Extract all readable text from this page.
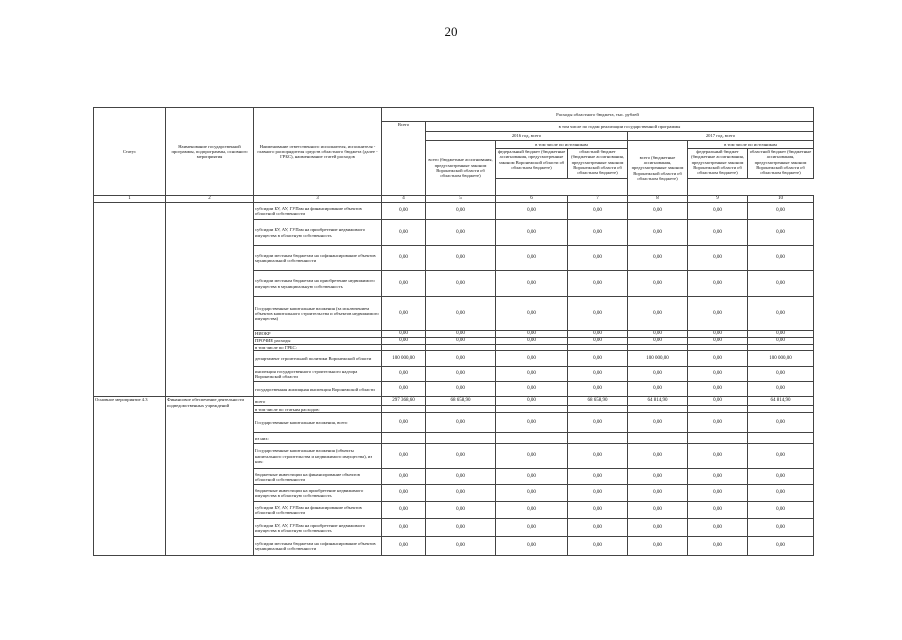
20
Статус	Наименование государственной программы, подпрограммы, основного мероприятия	Наименование ответственного исполнителя, исполнителя - главного распорядителя средств областного бюджета (далее - ГРБС), наименование статей расходов	Расходы областного бюджета, тыс. рублей						
			Всего	в том числе по годам реализации государственной программы					
				2016 год, всего			2017 год, всего		
				всего (бюджетные ассигнования, предусмотренные законом Воронежской области об областном бюджете)	в том числе по источникам		всего (бюджетные ассигнования, предусмотренные законом Воронежской области об областном бюджете)	в том числе по источникам	
					федеральный бюджет (бюджетные ассигнования, предусмотренные законом Воронежской области об областном бюджете)	областной бюджет (бюджетные ассигнования, предусмотренные законом Воронежской области об областном бюджете)		федеральный бюджет (бюджетные ассигнования, предусмотренные законом Воронежской области об областном бюджете)	областной бюджет (бюджетные ассигнования, предусмотренные законом Воронежской области об областном бюджете)

1	2	3	4	5	6	7	8	9	10
		субсидии БУ, АУ, ГУПам на финансирование объектов областной собственности	0,00	0,00	0,00	0,00	0,00	0,00	0,00
		субсидии БУ, АУ, ГУПам на приобретение недвижимого имущества в областную собственность	0,00	0,00	0,00	0,00	0,00	0,00	0,00
		субсидии местным бюджетам на софинансирование объектов муниципальной собственности	0,00	0,00	0,00	0,00	0,00	0,00	0,00
		субсидии местным бюджетам на приобретение недвижимого имущества в муниципальную собственность	0,00	0,00	0,00	0,00	0,00	0,00	0,00
		Государственные капитальные вложения (за исключением объектов капитального строительства и объектов недвижимого имущества)	0,00	0,00	0,00	0,00	0,00	0,00	0,00
		НИОКР	0,00	0,00	0,00	0,00	0,00	0,00	0,00
		ПРОЧИЕ расходы	0,00	0,00	0,00	0,00	0,00	0,00	0,00
		в том числе по ГРБС:							
		департамент строительной политики Воронежской области	100 000,00	0,00	0,00	0,00	100 000,00	0,00	100 000,00
		инспекция государственного строительного надзора Воронежской области	0,00	0,00	0,00	0,00	0,00	0,00	0,00
		государственная жилищная инспекция Воронежской области	0,00	0,00	0,00	0,00	0,00	0,00	0,00
Основное мероприятие 4.3	Финансовое обеспечение деятельности подведомственных учреждений	всего	297 368,60	68 658,90	0,00	68 658,90	64 814,90	0,00	64 814,90
		в том числе по статьям расходов:							
		Государственные капитальные вложения, всего	0,00	0,00	0,00	0,00	0,00	0,00	0,00
		из них:							
		Государственные капитальные вложения (объекты капитального строительства и недвижимого имущества), из них:	0,00	0,00	0,00	0,00	0,00	0,00	0,00
		бюджетные инвестиции на финансирование объектов областной собственности	0,00	0,00	0,00	0,00	0,00	0,00	0,00
		бюджетные инвестиции на приобретение недвижимого имущества в областную собственность	0,00	0,00	0,00	0,00	0,00	0,00	0,00
		субсидии БУ, АУ, ГУПам на финансирование объектов областной собственности	0,00	0,00	0,00	0,00	0,00	0,00	0,00
		субсидии БУ, АУ, ГУПам на приобретение недвижимого имущества в областную собственность	0,00	0,00	0,00	0,00	0,00	0,00	0,00
		субсидии местным бюджетам на софинансирование объектов муниципальной собственности	0,00	0,00	0,00	0,00	0,00	0,00	0,00
